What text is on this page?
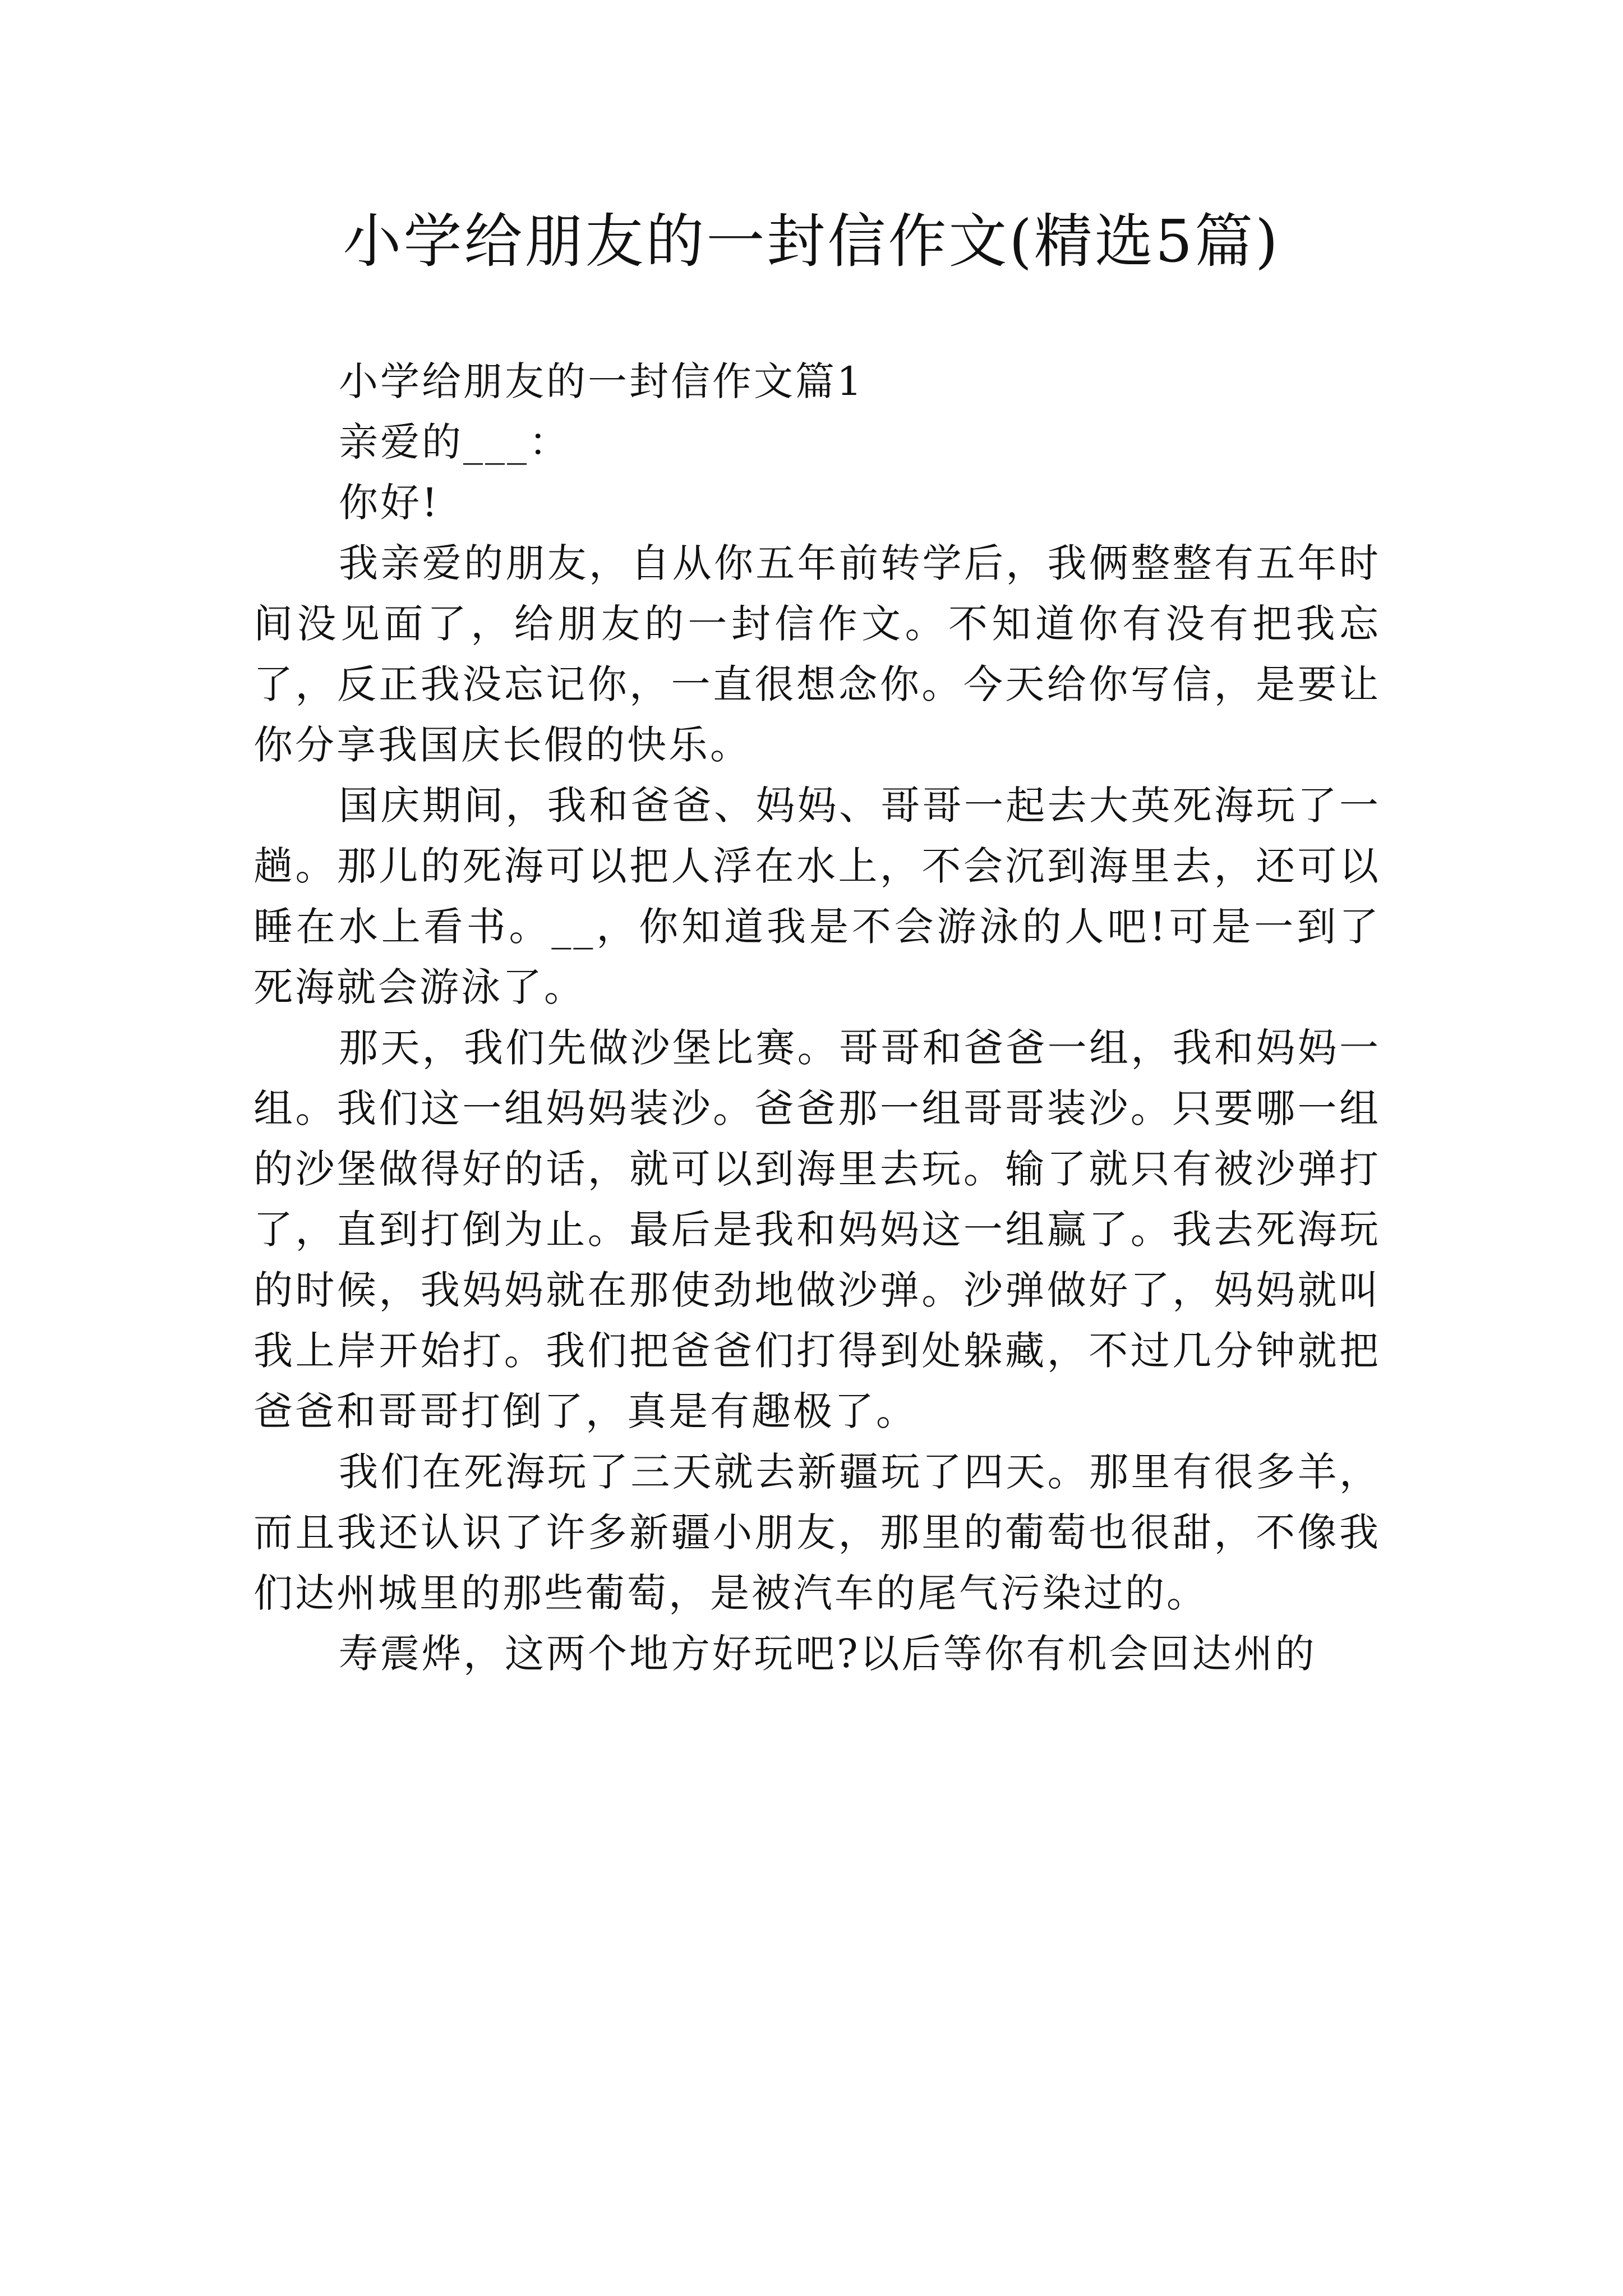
小学给朋友的一封信作文(精选5篇)

小学给朋友的一封信作文篇1

亲爱的___：

你好!

我亲爱的朋友，自从你五年前转学后，我俩整整有五年时间没见面了，给朋友的一封信作文。不知道你有没有把我忘了，反正我没忘记你，一直很想念你。今天给你写信，是要让你分享我国庆长假的快乐。

国庆期间，我和爸爸、妈妈、哥哥一起去大英死海玩了一趟。那儿的死海可以把人浮在水上，不会沉到海里去，还可以睡在水上看书。__，你知道我是不会游泳的人吧!可是一到了死海就会游泳了。

那天，我们先做沙堡比赛。哥哥和爸爸一组，我和妈妈一组。我们这一组妈妈装沙。爸爸那一组哥哥装沙。只要哪一组的沙堡做得好的话，就可以到海里去玩。输了就只有被沙弹打了，直到打倒为止。最后是我和妈妈这一组赢了。我去死海玩的时候，我妈妈就在那使劲地做沙弹。沙弹做好了，妈妈就叫我上岸开始打。我们把爸爸们打得到处躲藏，不过几分钟就把爸爸和哥哥打倒了，真是有趣极了。

我们在死海玩了三天就去新疆玩了四天。那里有很多羊，而且我还认识了许多新疆小朋友，那里的葡萄也很甜，不像我们达州城里的那些葡萄，是被汽车的尾气污染过的。

寿震烨，这两个地方好玩吧?以后等你有机会回达州的
